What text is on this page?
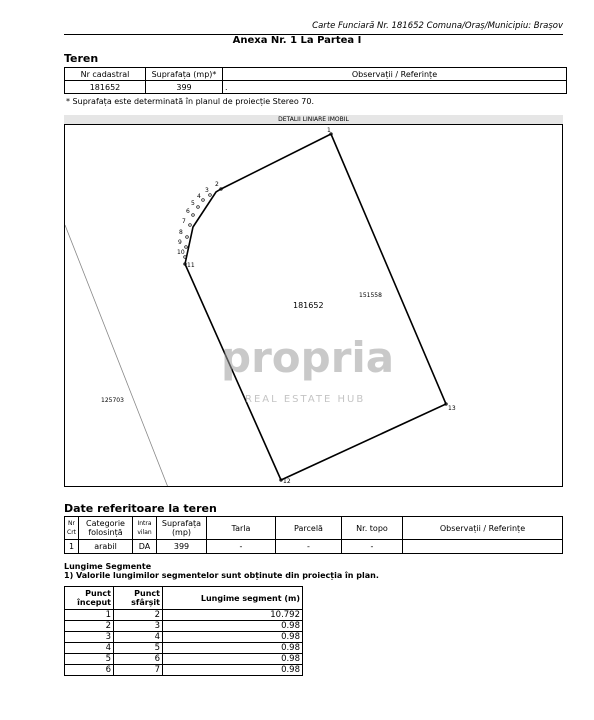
Carte Funciară Nr. 181652 Comuna/Oraș/Municipiu: Brașov
Anexa Nr. 1 La Partea I
Teren
Nr cadastral	Suprafața (mp)*	Observații / Referințe
181652	399	.
* Suprafața este determinată în planul de proiecție Stereo 70.
DETALII LINIARE IMOBIL
1
2
3
4
5
6
7
8
9
10
11
12
13
181652
151558
125703
propria
REAL ESTATE HUB
Date referitoare la teren
Nr Crt	Categorie folosință	Intra vilan	Suprafața (mp)	Tarla	Parcelă	Nr. topo	Observații / Referințe
1	arabil	DA	399	-	-	-	
Lungime Segmente
1) Valorile lungimilor segmentelor sunt obținute din proiecția în plan.
Punct început	Punct sfârșit	Lungime segment (m)
1	2	10.792
2	3	0.98
3	4	0.98
4	5	0.98
5	6	0.98
6	7	0.98
